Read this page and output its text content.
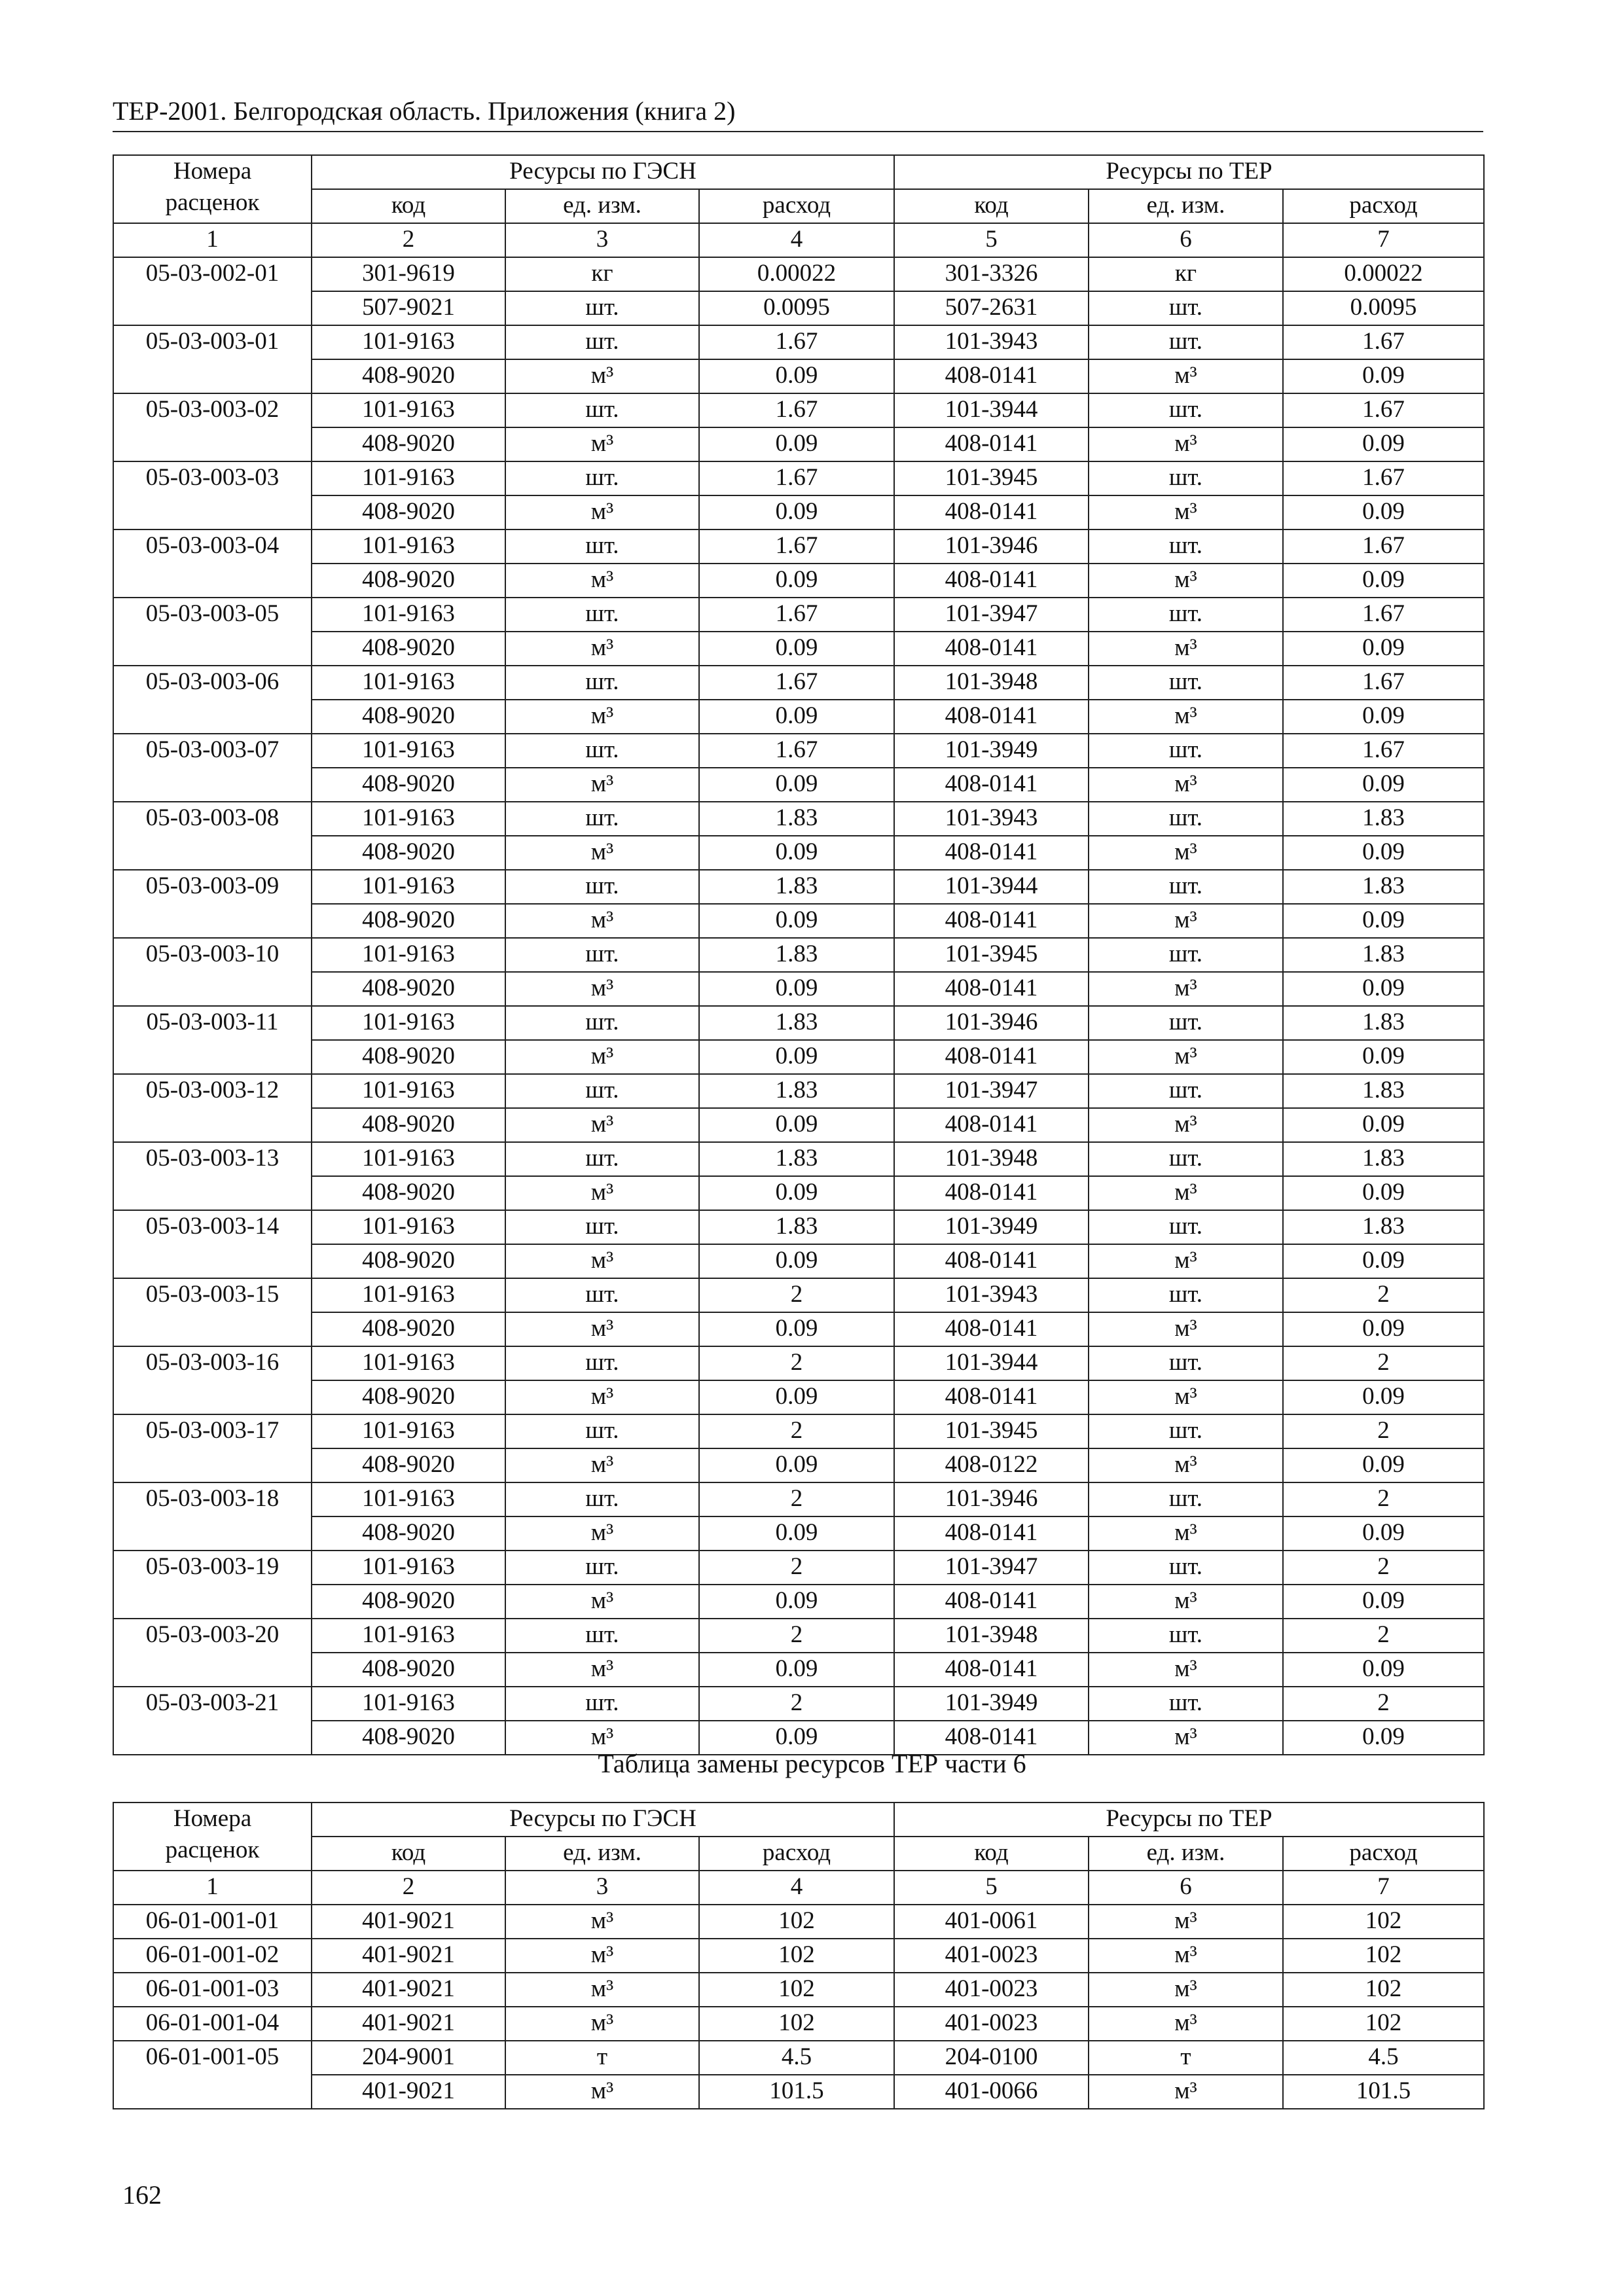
ТЕР-2001. Белгородская область. Приложения (книга 2)
Номера
расценок	Ресурсы по ГЭСН			Ресурсы по ТЕР		
	код	ед. изм.	расход	код	ед. изм.	расход
1	2	3	4	5	6	7
05-03-002-01	301-9619	кг	0.00022	301-3326	кг	0.00022
	507-9021	шт.	0.0095	507-2631	шт.	0.0095
05-03-003-01	101-9163	шт.	1.67	101-3943	шт.	1.67
	408-9020	м³	0.09	408-0141	м³	0.09
05-03-003-02	101-9163	шт.	1.67	101-3944	шт.	1.67
	408-9020	м³	0.09	408-0141	м³	0.09
05-03-003-03	101-9163	шт.	1.67	101-3945	шт.	1.67
	408-9020	м³	0.09	408-0141	м³	0.09
05-03-003-04	101-9163	шт.	1.67	101-3946	шт.	1.67
	408-9020	м³	0.09	408-0141	м³	0.09
05-03-003-05	101-9163	шт.	1.67	101-3947	шт.	1.67
	408-9020	м³	0.09	408-0141	м³	0.09
05-03-003-06	101-9163	шт.	1.67	101-3948	шт.	1.67
	408-9020	м³	0.09	408-0141	м³	0.09
05-03-003-07	101-9163	шт.	1.67	101-3949	шт.	1.67
	408-9020	м³	0.09	408-0141	м³	0.09
05-03-003-08	101-9163	шт.	1.83	101-3943	шт.	1.83
	408-9020	м³	0.09	408-0141	м³	0.09
05-03-003-09	101-9163	шт.	1.83	101-3944	шт.	1.83
	408-9020	м³	0.09	408-0141	м³	0.09
05-03-003-10	101-9163	шт.	1.83	101-3945	шт.	1.83
	408-9020	м³	0.09	408-0141	м³	0.09
05-03-003-11	101-9163	шт.	1.83	101-3946	шт.	1.83
	408-9020	м³	0.09	408-0141	м³	0.09
05-03-003-12	101-9163	шт.	1.83	101-3947	шт.	1.83
	408-9020	м³	0.09	408-0141	м³	0.09
05-03-003-13	101-9163	шт.	1.83	101-3948	шт.	1.83
	408-9020	м³	0.09	408-0141	м³	0.09
05-03-003-14	101-9163	шт.	1.83	101-3949	шт.	1.83
	408-9020	м³	0.09	408-0141	м³	0.09
05-03-003-15	101-9163	шт.	2	101-3943	шт.	2
	408-9020	м³	0.09	408-0141	м³	0.09
05-03-003-16	101-9163	шт.	2	101-3944	шт.	2
	408-9020	м³	0.09	408-0141	м³	0.09
05-03-003-17	101-9163	шт.	2	101-3945	шт.	2
	408-9020	м³	0.09	408-0122	м³	0.09
05-03-003-18	101-9163	шт.	2	101-3946	шт.	2
	408-9020	м³	0.09	408-0141	м³	0.09
05-03-003-19	101-9163	шт.	2	101-3947	шт.	2
	408-9020	м³	0.09	408-0141	м³	0.09
05-03-003-20	101-9163	шт.	2	101-3948	шт.	2
	408-9020	м³	0.09	408-0141	м³	0.09
05-03-003-21	101-9163	шт.	2	101-3949	шт.	2
	408-9020	м³	0.09	408-0141	м³	0.09
Таблица замены ресурсов ТЕР части 6
Номера
расценок	Ресурсы по ГЭСН			Ресурсы по ТЕР		
	код	ед. изм.	расход	код	ед. изм.	расход
1	2	3	4	5	6	7
06-01-001-01	401-9021	м³	102	401-0061	м³	102
06-01-001-02	401-9021	м³	102	401-0023	м³	102
06-01-001-03	401-9021	м³	102	401-0023	м³	102
06-01-001-04	401-9021	м³	102	401-0023	м³	102
06-01-001-05	204-9001	т	4.5	204-0100	т	4.5
	401-9021	м³	101.5	401-0066	м³	101.5
162
